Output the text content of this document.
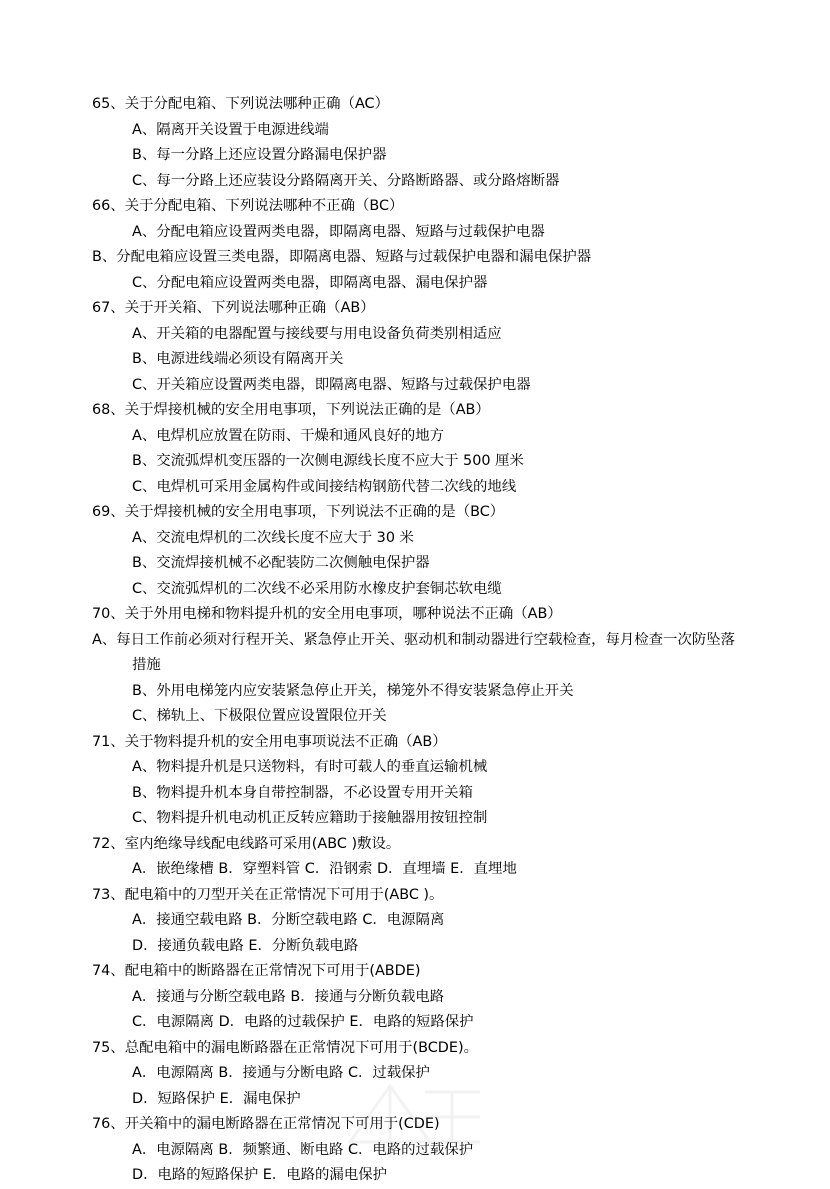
65、关于分配电箱、下列说法哪种正确（AC）
A、隔离开关设置于电源进线端
B、每一分路上还应设置分路漏电保护器
C、每一分路上还应装设分路隔离开关、分路断路器、或分路熔断器
66、关于分配电箱、下列说法哪种不正确（BC）
A、分配电箱应设置两类电器，即隔离电器、短路与过载保护电器
B、分配电箱应设置三类电器，即隔离电器、短路与过载保护电器和漏电保护器
C、分配电箱应设置两类电器，即隔离电器、漏电保护器
67、关于开关箱、下列说法哪种正确（AB）
A、开关箱的电器配置与接线要与用电设备负荷类别相适应
B、电源进线端必须设有隔离开关
C、开关箱应设置两类电器，即隔离电器、短路与过载保护电器
68、关于焊接机械的安全用电事项，下列说法正确的是（AB）
A、电焊机应放置在防雨、干燥和通风良好的地方
B、交流弧焊机变压器的一次侧电源线长度不应大于 500 厘米
C、电焊机可采用金属构件或间接结构钢筋代替二次线的地线
69、关于焊接机械的安全用电事项，下列说法不正确的是（BC）
A、交流电焊机的二次线长度不应大于 30 米
B、交流焊接机械不必配装防二次侧触电保护器
C、交流弧焊机的二次线不必采用防水橡皮护套铜芯软电缆
70、关于外用电梯和物料提升机的安全用电事项，哪种说法不正确（AB）
A、每日工作前必须对行程开关、紧急停止开关、驱动机和制动器进行空载检查，每月检查一次防坠落 措施
B、外用电梯笼内应安装紧急停止开关，梯笼外不得安装紧急停止开关
C、梯轨上、下极限位置应设置限位开关
71、关于物料提升机的安全用电事项说法不正确（AB）
A、物料提升机是只送物料，有时可载人的垂直运输机械
B、物料提升机本身自带控制器，不必设置专用开关箱
C、物料提升机电动机正反转应籍助于接触器用按钮控制
72、室内绝缘导线配电线路可采用(ABC )敷设。
A．嵌绝缘槽 B．穿塑料管 C．沿钢索 D．直埋墙 E．直埋地
73、配电箱中的刀型开关在正常情况下可用于(ABC )。
A．接通空载电路 B．分断空载电路 C．电源隔离
D．接通负载电路 E．分断负载电路
74、配电箱中的断路器在正常情况下可用于(ABDE)
A．接通与分断空载电路 B．接通与分断负载电路
C．电源隔离 D．电路的过载保护 E．电路的短路保护
75、总配电箱中的漏电断路器在正常情况下可用于(BCDE)。
A．电源隔离 B．接通与分断电路 C．过载保护
D．短路保护 E．漏电保护
76、开关箱中的漏电断路器在正常情况下可用于(CDE)
A．电源隔离 B．频繁通、断电路 C．电路的过载保护
D．电路的短路保护 E．电路的漏电保护
